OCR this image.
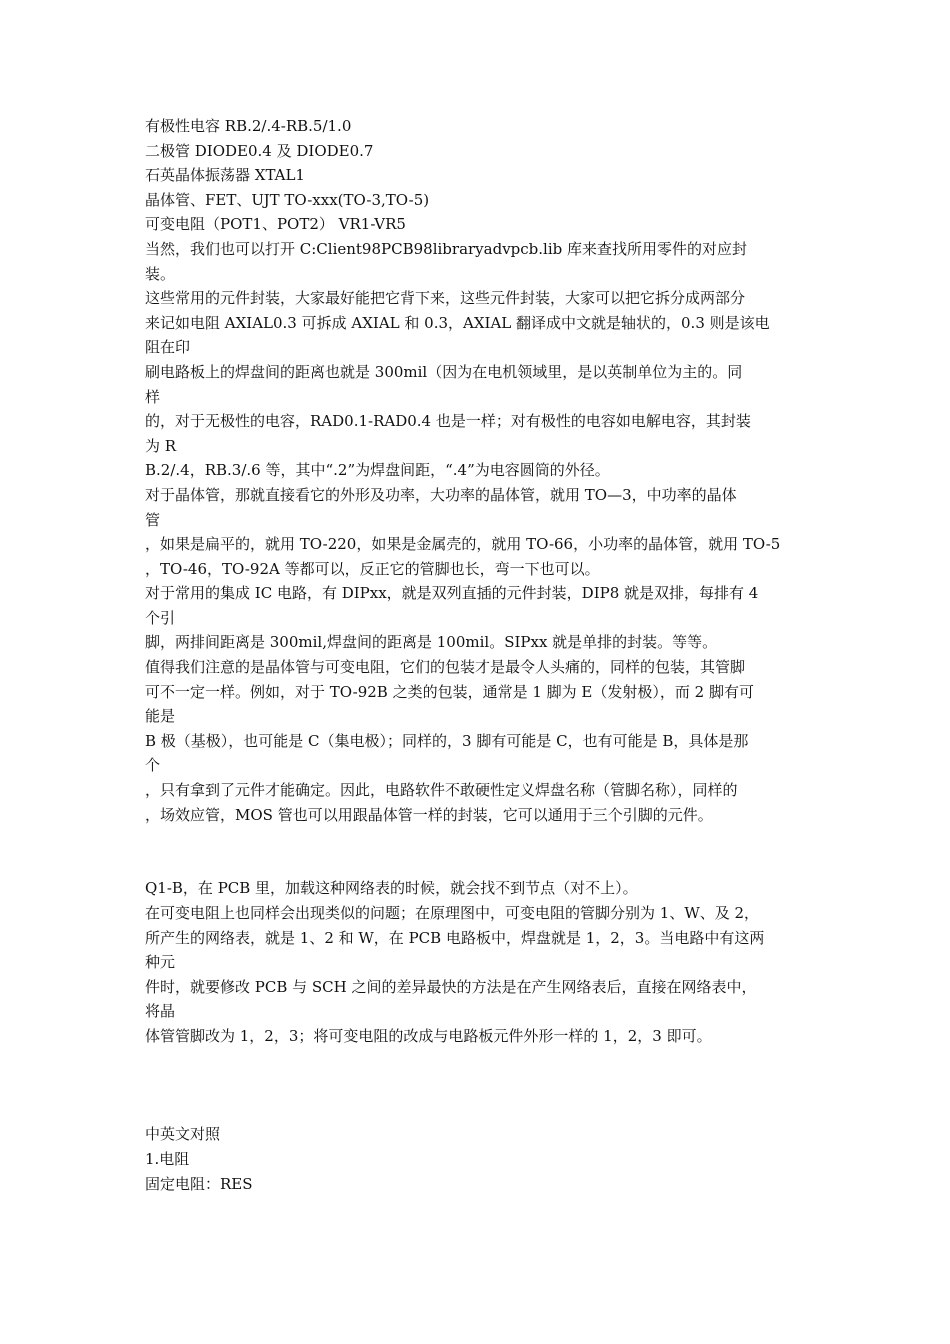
有极性电容 RB.2/.4-RB.5/1.0
二极管 DIODE0.4 及 DIODE0.7
石英晶体振荡器 XTAL1
晶体管、FET、UJT TO-xxx(TO-3,TO-5)
可变电阻（POT1、POT2） VR1-VR5
当然，我们也可以打开 C:Client98PCB98libraryadvpcb.lib 库来查找所用零件的对应封
装。
这些常用的元件封装，大家最好能把它背下来，这些元件封装，大家可以把它拆分成两部分
来记如电阻 AXIAL0.3 可拆成 AXIAL 和 0.3，AXIAL 翻译成中文就是轴状的，0.3 则是该电
阻在印
刷电路板上的焊盘间的距离也就是 300mil（因为在电机领域里，是以英制单位为主的。同
样
的，对于无极性的电容，RAD0.1-RAD0.4 也是一样；对有极性的电容如电解电容，其封装
为 R
B.2/.4，RB.3/.6 等，其中“.2”为焊盘间距，“.4”为电容圆筒的外径。
对于晶体管，那就直接看它的外形及功率，大功率的晶体管，就用 TO—3，中功率的晶体
管
，如果是扁平的，就用 TO-220，如果是金属壳的，就用 TO-66，小功率的晶体管，就用 TO-5
，TO-46，TO-92A 等都可以，反正它的管脚也长，弯一下也可以。
对于常用的集成 IC 电路，有 DIPxx，就是双列直插的元件封装，DIP8 就是双排，每排有 4
个引
脚，两排间距离是 300mil,焊盘间的距离是 100mil。SIPxx 就是单排的封装。等等。
值得我们注意的是晶体管与可变电阻，它们的包装才是最令人头痛的，同样的包装，其管脚
可不一定一样。例如，对于 TO-92B 之类的包装，通常是 1 脚为 E（发射极），而 2 脚有可
能是
B 极（基极），也可能是 C（集电极）；同样的，3 脚有可能是 C，也有可能是 B，具体是那
个
，只有拿到了元件才能确定。因此，电路软件不敢硬性定义焊盘名称（管脚名称），同样的
，场效应管，MOS 管也可以用跟晶体管一样的封装，它可以通用于三个引脚的元件。
Q1-B，在 PCB 里，加载这种网络表的时候，就会找不到节点（对不上）。
在可变电阻上也同样会出现类似的问题；在原理图中，可变电阻的管脚分别为 1、W、及 2，
所产生的网络表，就是 1、2 和 W，在 PCB 电路板中，焊盘就是 1，2，3。当电路中有这两
种元
件时，就要修改 PCB 与 SCH 之间的差异最快的方法是在产生网络表后，直接在网络表中，
将晶
体管管脚改为 1，2，3；将可变电阻的改成与电路板元件外形一样的 1，2，3 即可。
中英文对照
1.电阻
固定电阻：RES
